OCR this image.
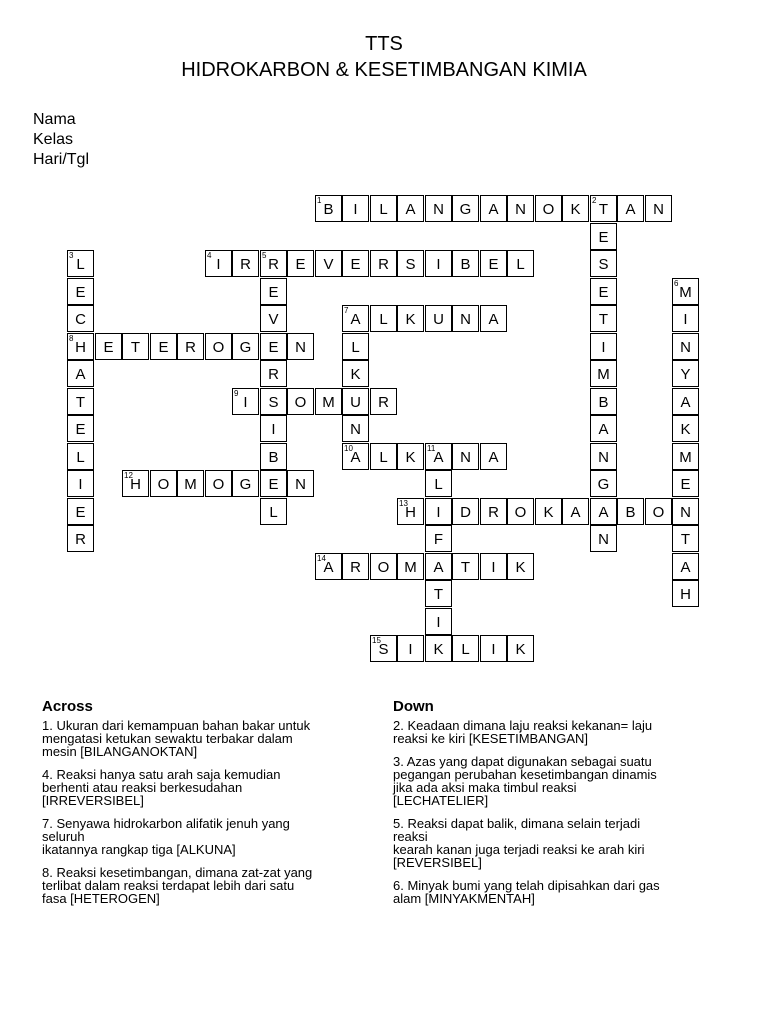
TTS
HIDROKARBON & KESETIMBANGAN KIMIA
Nama
Kelas
Hari/Tgl
1
B	I	L	A	N	G	A	N	O	K
2
T	A	N
E
S
E
T
I
M
B
A
N
G
A
N
3
L
E
C
8
H
A
T
E
L
I
E
R
4
I	R
5
R	E	V	E	R	S	I	B	E	L
E
V
E
R
S
I
B
E
L
6
M
I
N
Y
A
K
M
E
N
T
A
H
7
A	L	K	U	N	A
L
K
U
N
10
A
E	T	E	R	O	G	N
9
I	O	M	R
L	K
11
A	N	A
L
I
F
A
T
I
K
12
H	O M	O	G	N
13
H	D	R	O	K	A	B	O
14
A	R	O M	T	I	K
15
S	I	L	I	K
Across

1. Ukuran dari kemampuan bahan bakar untuk
mengatasi ketukan sewaktu terbakar dalam
mesin [BILANGANOKTAN]

4. Reaksi hanya satu arah saja kemudian
berhenti atau reaksi berkesudahan
[IRREVERSIBEL]

7. Senyawa hidrokarbon alifatik jenuh yang
seluruh
ikatannya rangkap tiga [ALKUNA]

8. Reaksi kesetimbangan, dimana zat-zat yang
terlibat dalam reaksi terdapat lebih dari satu
fasa [HETEROGEN]

Down

2. Keadaan dimana laju reaksi kekanan= laju
reaksi ke kiri [KESETIMBANGAN]

3. Azas yang dapat digunakan sebagai suatu
pegangan perubahan kesetimbangan dinamis
jika ada aksi maka timbul reaksi
[LECHATELIER]

5. Reaksi dapat balik, dimana selain terjadi
reaksi
kearah kanan juga terjadi reaksi ke arah kiri
[REVERSIBEL]

6. Minyak bumi yang telah dipisahkan dari gas
alam [MINYAKMENTAH]
